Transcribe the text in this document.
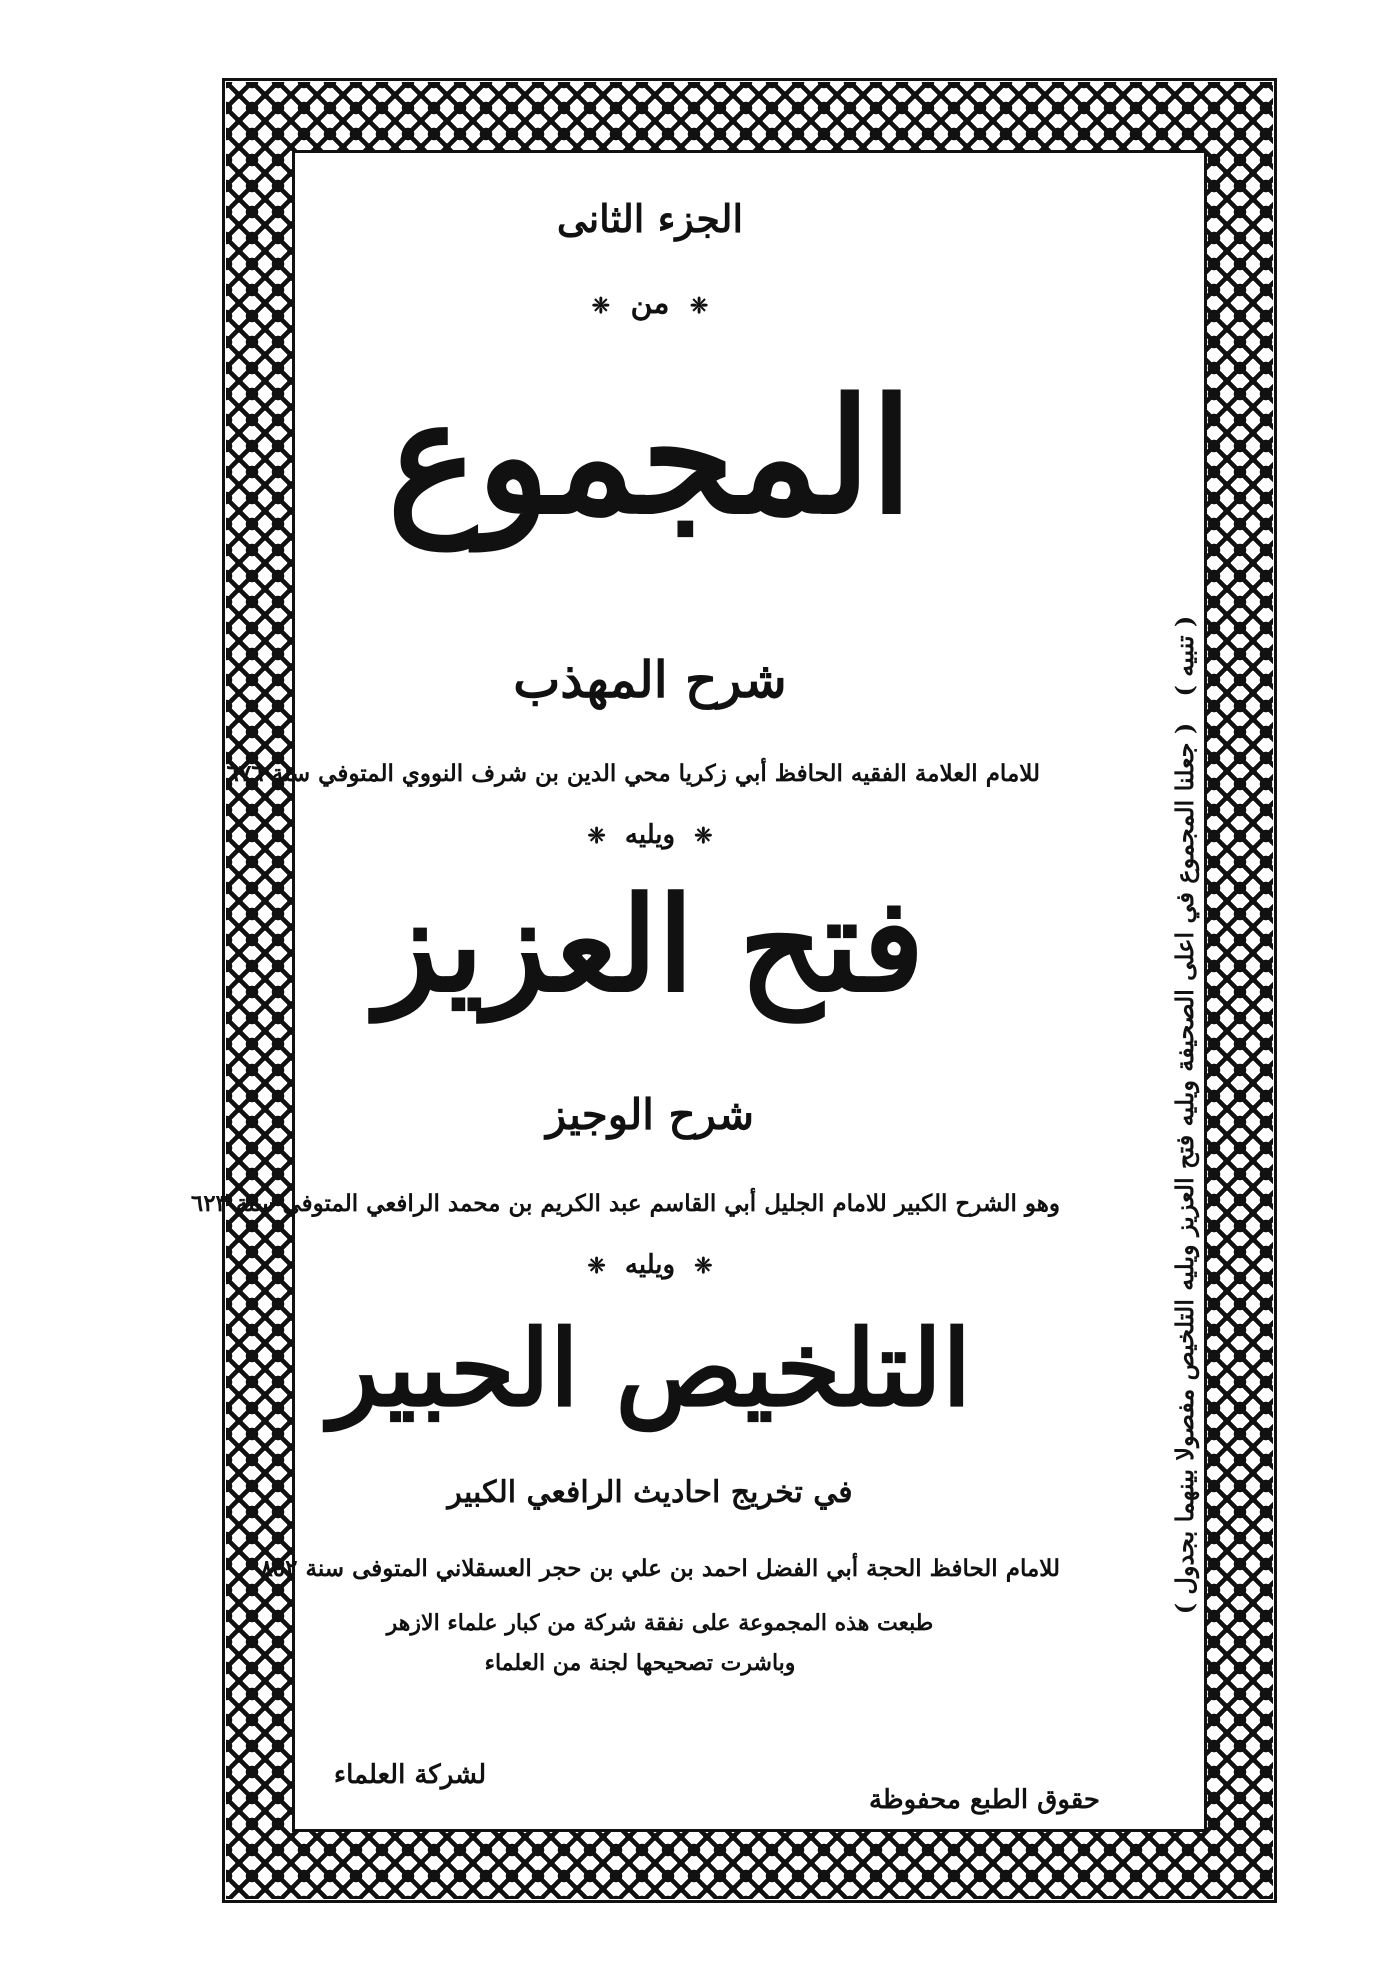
الجزء الثانى
❈ من ❈
المجموع
شرح المهذب
للامام العلامة الفقيه الحافظ أبي زكريا محي الدين بن شرف النووي المتوفي سنة ٦٧٦
❈ ويليه ❈
فتح العزيز
شرح الوجيز
وهو الشرح الكبير للامام الجليل أبي القاسم عبد الكريم بن محمد الرافعي المتوفى سنة ٦٢٣
❈ ويليه ❈
التلخيص الحبير
في تخريج احاديث الرافعي الكبير
للامام الحافظ الحجة أبي الفضل احمد بن علي بن حجر العسقلاني المتوفى سنة ٨٥٢
طبعت هذه المجموعة على نفقة شركة من كبار علماء الازهر
وباشرت تصحيحها لجنة من العلماء
لشركة العلماء
حقوق الطبع محفوظة
( تنبيه ) ( جعلنا المجموع في اعلى الصحيفة ويليه فتح العزيز ويليه التلخيص مفصولا بينهما بجدول )
